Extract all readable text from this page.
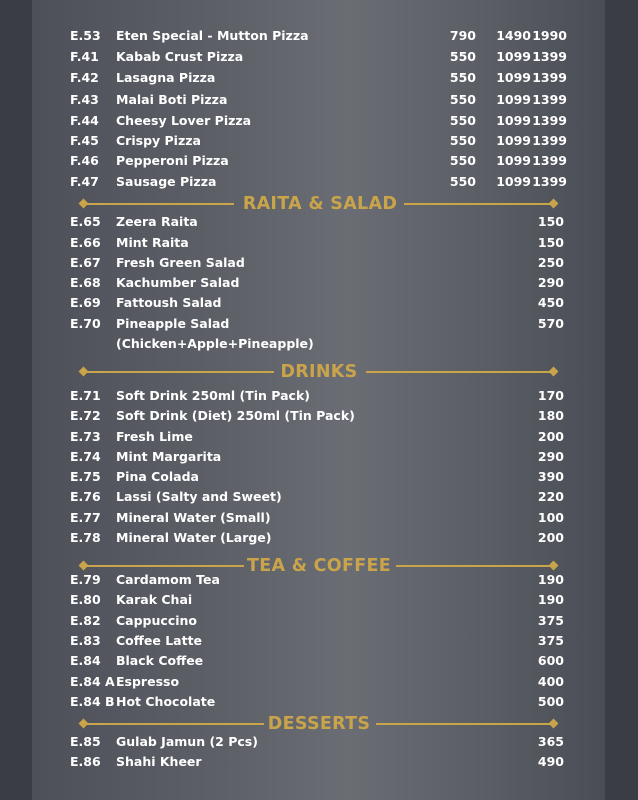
E.53 Eten Special - Mutton Pizza	790 1490 1990
F.41 Kabab Crust Pizza	550 1099 1399
F.42 Lasagna Pizza	550 1099 1399
F.43 Malai Boti Pizza	550 1099 1399
F.44 Cheesy Lover Pizza	550 1099 1399
F.45 Crispy Pizza	550 1099 1399
F.46 Pepperoni Pizza	550 1099 1399
F.47 Sausage Pizza	550 1099 1399
RAITA & SALAD
E.65 Zeera Raita	150
E.66 Mint Raita	150
E.67 Fresh Green Salad	250
E.68 Kachumber Salad	290
E.69 Fattoush Salad	450
E.70 Pineapple Salad	570
(Chicken+Apple+Pineapple)
DRINKS
E.71 Soft Drink 250ml (Tin Pack)	170
E.72 Soft Drink (Diet) 250ml (Tin Pack)	180
E.73 Fresh Lime	200
E.74 Mint Margarita	290
E.75 Pina Colada	390
E.76 Lassi (Salty and Sweet)	220
E.77 Mineral Water (Small)	100
E.78 Mineral Water (Large)	200
TEA & COFFEE
E.79 Cardamom Tea	190
E.80 Karak Chai	190
E.82 Cappuccino	375
E.83 Coffee Latte	375
E.84 Black Coffee	600
E.84 A Espresso	400
E.84 B Hot Chocolate	500
DESSERTS
E.85 Gulab Jamun (2 Pcs)	365
E.86 Shahi Kheer	490
